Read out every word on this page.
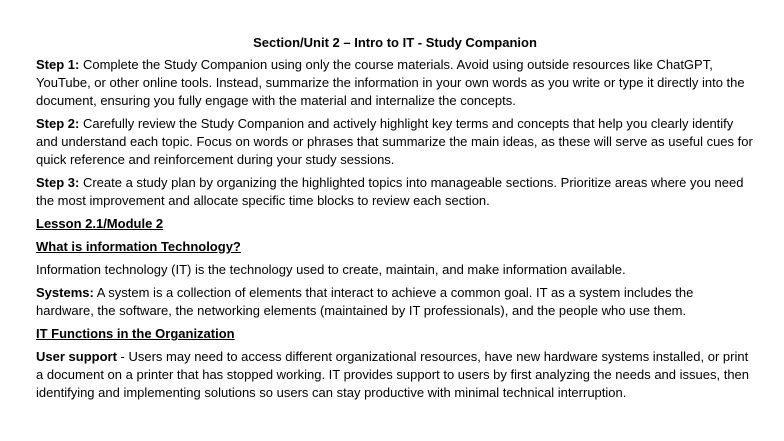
Section/Unit 2 – Intro to IT - Study Companion

Step 1: Complete the Study Companion using only the course materials. Avoid using outside resources like ChatGPT, YouTube, or other online tools. Instead, summarize the information in your own words as you write or type it directly into the document, ensuring you fully engage with the material and internalize the concepts.

Step 2: Carefully review the Study Companion and actively highlight key terms and concepts that help you clearly identify and understand each topic. Focus on words or phrases that summarize the main ideas, as these will serve as useful cues for quick reference and reinforcement during your study sessions.

Step 3: Create a study plan by organizing the highlighted topics into manageable sections. Prioritize areas where you need the most improvement and allocate specific time blocks to review each section.

Lesson 2.1/Module 2
What is information Technology?

Information technology (IT) is the technology used to create, maintain, and make information available.

Systems: A system is a collection of elements that interact to achieve a common goal. IT as a system includes the hardware, the software, the networking elements (maintained by IT professionals), and the people who use them.

IT Functions in the Organization

User support - Users may need to access different organizational resources, have new hardware systems installed, or print a document on a printer that has stopped working. IT provides support to users by first analyzing the needs and issues, then identifying and implementing solutions so users can stay productive with minimal technical interruption.
